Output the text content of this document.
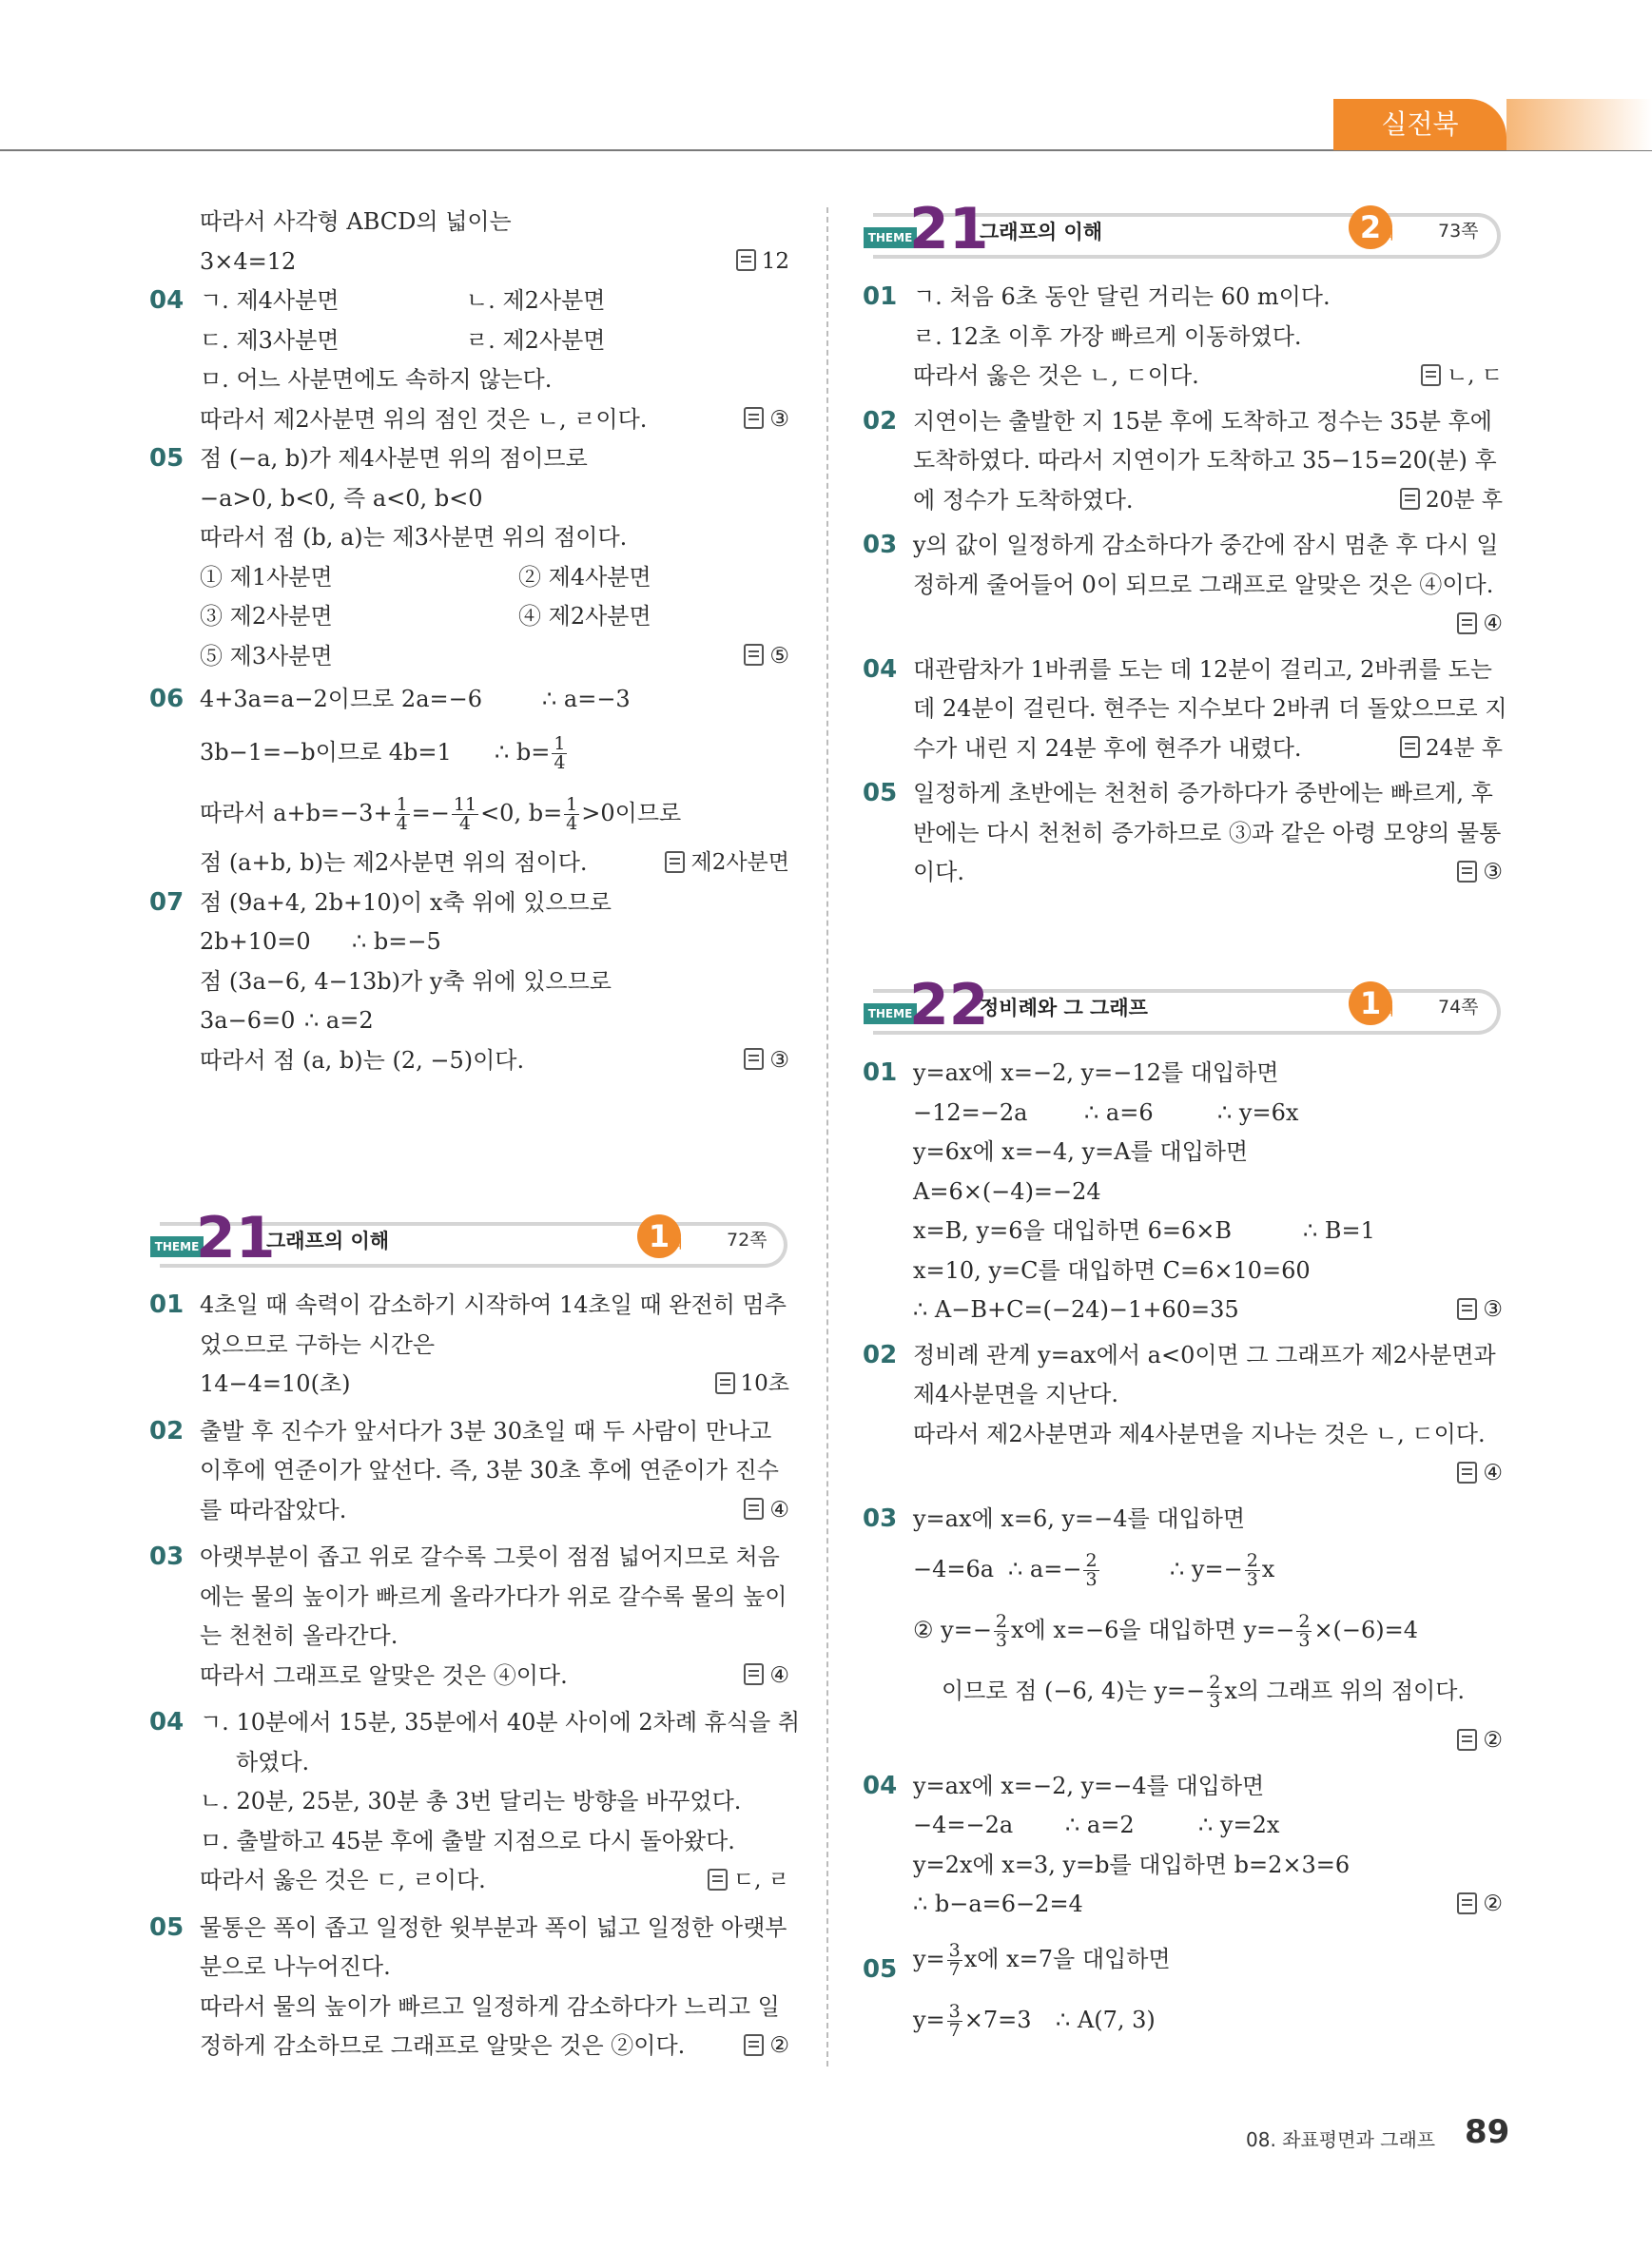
실전북
따라서 사각형 ABCD의 넓이는
3×4=12	12
04 ㄱ. 제4사분면	ㄴ. 제2사분면
ㄷ. 제3사분면	ㄹ. 제2사분면
ㅁ. 어느 사분면에도 속하지 않는다.
따라서 제2사분면 위의 점인 것은 ㄴ, ㄹ이다.	③
05 점 (−a, b)가 제4사분면 위의 점이므로
−a>0, b<0, 즉 a<0, b<0
따라서 점 (b, a)는 제3사분면 위의 점이다.
① 제1사분면	② 제4사분면
③ 제2사분면	④ 제2사분면
⑤ 제3사분면	⑤
06 4+3a=a−2이므로 2a=−6	∴ a=−3
3b−1=−b이므로 4b=1 ∴ $b= \frac{1}{4}$
따라서 $a+b=-3+ \frac{1}{4} =- \frac{11}{4} <0$, $b= \frac{1}{4} >0$이므로
점 (a+b, b)는 제2사분면 위의 점이다.	제2사분면
07 점 (9a+4, 2b+10)이 x축 위에 있으므로
2b+10=0 ∴ b=−5
점 (3a−6, 4−13b)가 y축 위에 있으므로
3a−6=0 ∴ a=2
따라서 점 (a, b)는 (2, −5)이다.	③
THEME
21
그래프의 이해	1 회 72쪽
01 4초일 때 속력이 감소하기 시작하여 14초일 때 완전히 멈추
었으므로 구하는 시간은
14−4=10(초)	10초
02 출발 후 진수가 앞서다가 3분 30초일 때 두 사람이 만나고
이후에 연준이가 앞선다. 즉, 3분 30초 후에 연준이가 진수
를 따라잡았다.	④
03 아랫부분이 좁고 위로 갈수록 그릇이 점점 넓어지므로 처음
에는 물의 높이가 빠르게 올라가다가 위로 갈수록 물의 높이
는 천천히 올라간다.
따라서 그래프로 알맞은 것은 ④이다.	④
04 ㄱ. 10분에서 15분, 35분에서 40분 사이에 2차례 휴식을 취
하였다.
ㄴ. 20분, 25분, 30분 총 3번 달리는 방향을 바꾸었다.
ㅁ. 출발하고 45분 후에 출발 지점으로 다시 돌아왔다.
따라서 옳은 것은 ㄷ, ㄹ이다.	ㄷ, ㄹ
05 물통은 폭이 좁고 일정한 윗부분과 폭이 넓고 일정한 아랫부
분으로 나누어진다.
따라서 물의 높이가 빠르고 일정하게 감소하다가 느리고 일
정하게 감소하므로 그래프로 알맞은 것은 ②이다.	②
THEME
21
그래프의 이해	2 회 73쪽
01 ㄱ. 처음 6초 동안 달린 거리는 60 m이다.
ㄹ. 12초 이후 가장 빠르게 이동하였다.
따라서 옳은 것은 ㄴ, ㄷ이다.	ㄴ, ㄷ
02 지연이는 출발한 지 15분 후에 도착하고 정수는 35분 후에
도착하였다. 따라서 지연이가 도착하고 35−15=20(분) 후
에 정수가 도착하였다.	20분 후
03 y의 값이 일정하게 감소하다가 중간에 잠시 멈춘 후 다시 일
정하게 줄어들어 0이 되므로 그래프로 알맞은 것은 ④이다.
④
04 대관람차가 1바퀴를 도는 데 12분이 걸리고, 2바퀴를 도는
데 24분이 걸린다. 현주는 지수보다 2바퀴 더 돌았으므로 지
수가 내린 지 24분 후에 현주가 내렸다.	24분 후
05 일정하게 초반에는 천천히 증가하다가 중반에는 빠르게, 후
반에는 다시 천천히 증가하므로 ③과 같은 아령 모양의 물통
이다.	③
THEME
22
정비례와 그 그래프	1 회 74쪽
01 y=ax에 x=−2, y=−12를 대입하면
−12=−2a ∴ a=6	∴ y=6x
y=6x에 x=−4, y=A를 대입하면
A=6×(−4)=−24
x=B, y=6을 대입하면 6=6×B	∴ B=1
x=10, y=C를 대입하면 C=6×10=60
∴ A−B+C=(−24)−1+60=35	③
02 정비례 관계 y=ax에서 a<0이면 그 그래프가 제2사분면과
제4사분면을 지난다.
따라서 제2사분면과 제4사분면을 지나는 것은 ㄴ, ㄷ이다.
④
03 y=ax에 x=6, y=−4를 대입하면
−4=6a ∴ $a=- \frac{2}{3}$	∴ $y=- \frac{2}{3}$ x
② $y=- \frac{2}{3}$ x에 x=−6을 대입하면 $y=- \frac{2}{3} \times(-6)=4$
이므로 점 (−6, 4)는 $y=- \frac{2}{3}$ x의 그래프 위의 점이다.
②
04 y=ax에 x=−2, y=−4를 대입하면
−4=−2a ∴ a=2	∴ y=2x
y=2x에 x=3, y=b를 대입하면 b=2×3=6
∴ b−a=6−2=4	②
05 $y= \frac{3}{7}$ x에 x=7을 대입하면
$y= \frac{3}{7} \times 7=3$ ∴ A(7, 3)
08. 좌표평면과 그래프 89
